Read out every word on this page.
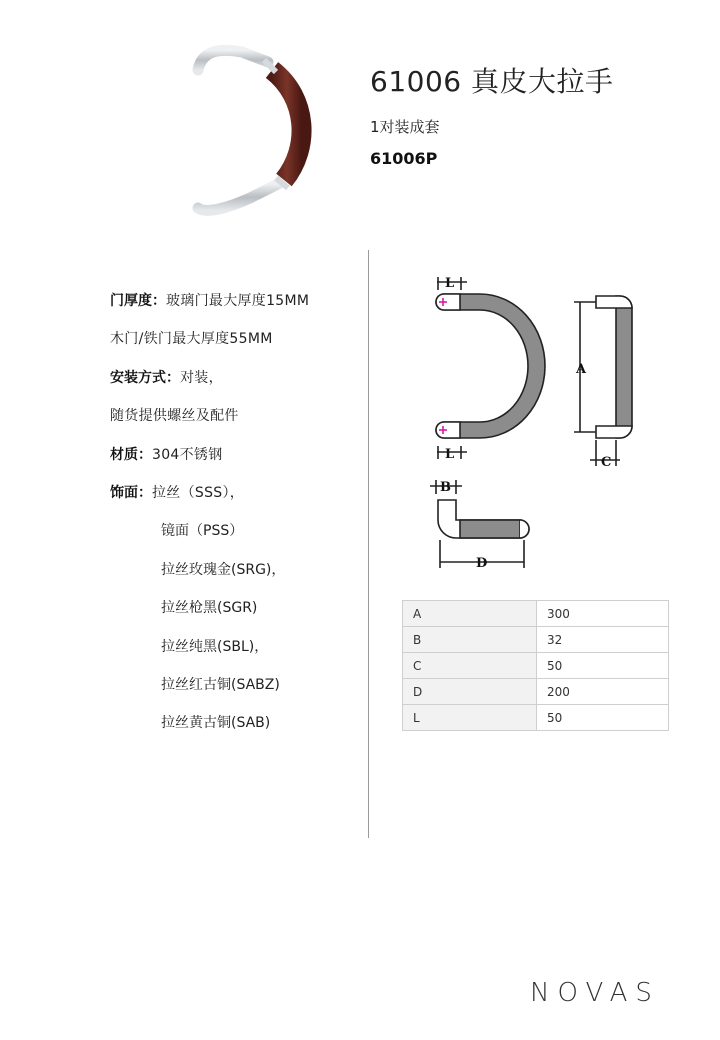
61006 真皮大拉手
1对装成套
61006P
门厚度：玻璃门最大厚度15MM
木门/铁门最大厚度55MM
安装方式：对装，
随货提供螺丝及配件
材质：304不锈钢
饰面：拉丝（SSS），
镜面（PSS）
拉丝玫瑰金(SRG)，
拉丝枪黑(SGR)
拉丝纯黑(SBL)，
拉丝红古铜(SABZ)
拉丝黄古铜(SAB)
L
L
A
C
B
D
A	300
B	32
C	50
D	200
L	50
NOVAS
